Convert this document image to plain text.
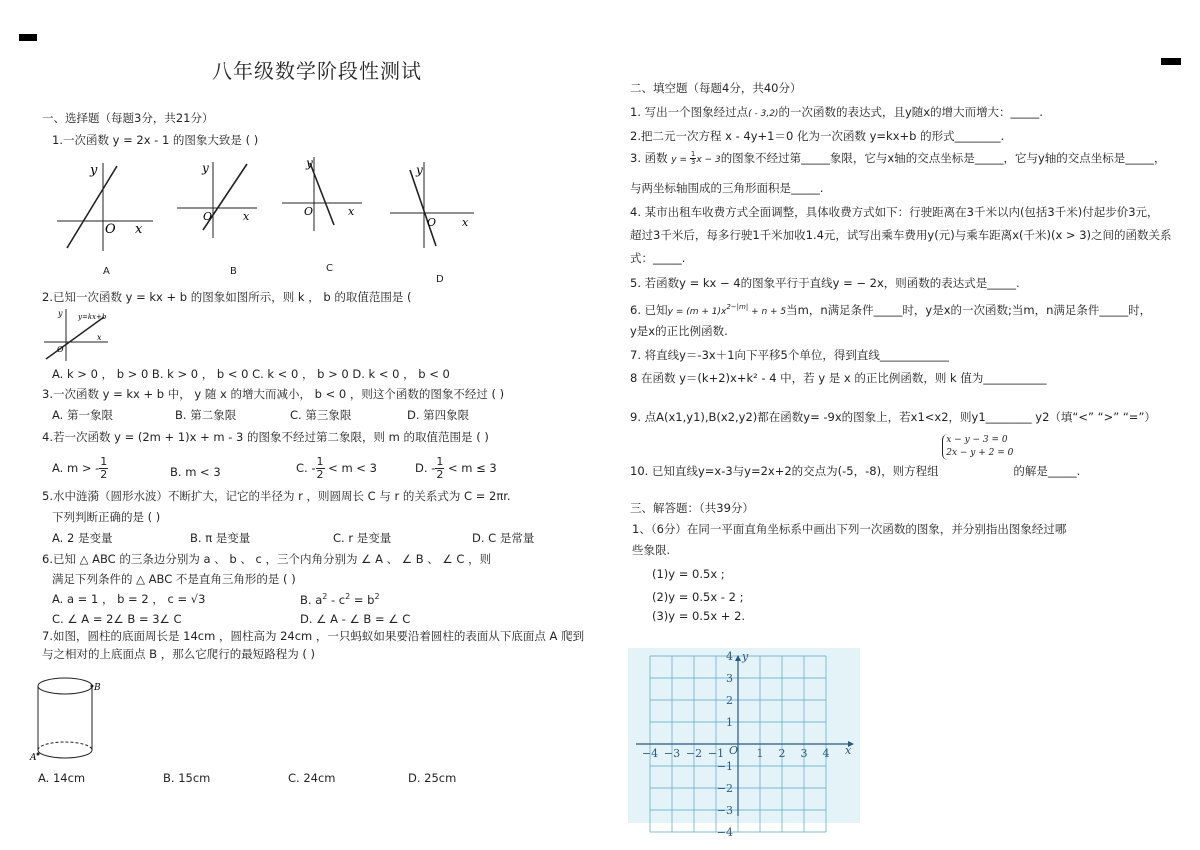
八年级数学阶段性测试
一、选择题（每题3分，共21分）
1.一次函数 y = 2x - 1 的图象大致是 ( )
y
x
O
y
x
O
y
x
O
y
x
O
A	B	C
D
2.已知一次函数 y = kx + b 的图象如图所示，则 k ， b 的取值范围是 (
y y=kx+b
O
x
A. k > 0 ， b > 0 B. k > 0 ， b < 0 C. k < 0 ， b > 0 D. k < 0 ， b < 0
3.一次函数 y = kx + b 中， y 随 x 的增大而减小， b < 0 ，则这个函数的图象不经过 ( )
A. 第一象限	B. 第二象限	C. 第三象限	D. 第四象限
4.若一次函数 y = (2m + 1)x + m - 3 的图象不经过第二象限，则 m 的取值范围是 ( )
A. m > - $\frac{1}{2}$	B. m < 3	C. - $\frac{1}{2} < m < 3$	D. - $\frac{1}{2} < m \le 3$
5.水中涟漪（圆形水波）不断扩大，记它的半径为 r ，则圆周长 C 与 r 的关系式为 C = 2πr.
下列判断正确的是 ( )
A. 2 是变量	B. π 是变量	C. r 是变量	D. C 是常量
6.已知 △ ABC 的三条边分别为 a 、 b 、 c ，三个内角分别为 ∠ A 、 ∠ B 、 ∠ C ，则
满足下列条件的 △ ABC 不是直角三角形的是 ( )
A. a = 1 ， b = 2 ， c = √3	B. $a^2 - c^2 = b^2$
C. ∠ A = 2∠ B = 3∠ C	D. ∠ A - ∠ B = ∠ C
7.如图，圆柱的底面周长是 14cm ，圆柱高为 24cm ，一只蚂蚁如果要沿着圆柱的表面从下底面点 A 爬到
与之相对的上底面点 B ，那么它爬行的最短路程为 ( )
B
A
A. 14cm	B. 15cm	C. 24cm	D. 25cm
二、填空题（每题4分，共40分）
1. 写出一个图象经过点( - 3,2)的一次函数的表达式，且y随x的增大而增大：_____.
2.把二元一次方程 x - 4y+1＝0 化为一次函数 y=kx+b 的形式________.
3. 函数 $y = \frac{1}{3}$ x − 3的图象不经过第_____象限，它与x轴的交点坐标是_____，它与y轴的交点坐标是_____，
与两坐标轴围成的三角形面积是_____.
4. 某市出租车收费方式全面调整，具体收费方式如下：行驶距离在3千米以内(包括3千米)付起步价3元，
超过3千米后，每多行驶1千米加收1.4元，试写出乘车费用y(元)与乘车距离x(千米)(x > 3)之间的函数关系
式：_____.
5. 若函数y = kx − 4的图象平行于直线y = − 2x，则函数的表达式是_____.
6. 已知$y = (m + 1)x^{2-|m|} + n + 5$当m，n满足条件_____时，y是x的一次函数;当m，n满足条件_____时，
y是x的正比例函数.
7. 将直线y＝-3x＋1向下平移5个单位，得到直线____________
8 在函数 y＝(k+2)x+k² - 4 中，若 y 是 x 的正比例函数，则 k 值为___________
9. 点A(x1,y1),B(x2,y2)都在函数y= -9x的图象上，若x1<x2，则y1________ y2（填“<” “>” “=”）
10. 已知直线y=x-3与y=2x+2的交点为(-5，-8)，则方程组
x − y − 3 = 0
2x − y + 2 = 0
的解是_____.
三、解答题：（共39分）
1、（6分）在同一平面直角坐标系中画出下列一次函数的图象，并分别指出图象经过哪
些象限.
(1)y = 0.5x ;
(2)y = 0.5x - 2 ;
(3)y = 0.5x + 2.
y
x
O
4
3
2
1
−1
−2
−3
−4
−4 −3 −2 −1	1 2 3 4
